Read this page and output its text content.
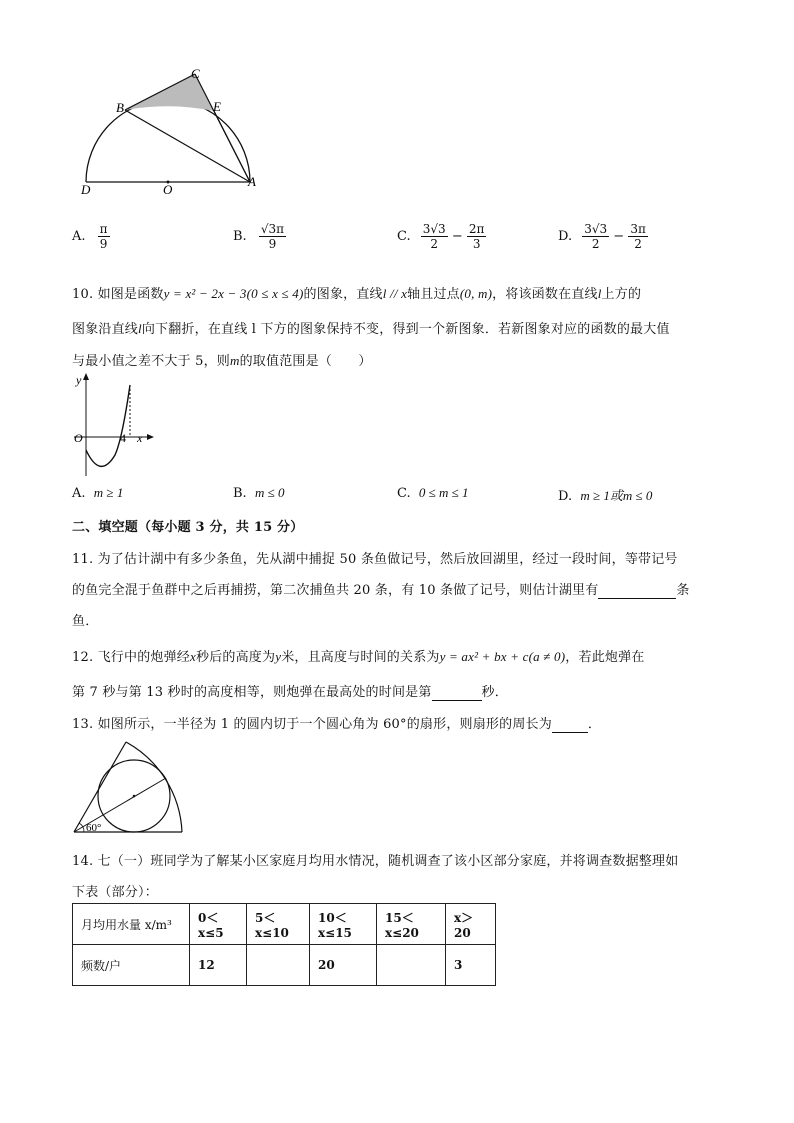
C
B	E
D	O
A
A. $\frac{\pi}{9}$	B. $\frac{√3\pi}{9}$	C. $\frac{3√3}{2} - \frac{2\pi}{3}$	D. $\frac{3√3}{2} - \frac{3\pi}{2}$
10. 如图是函数y = x² − 2x − 3(0 ≤ x ≤ 4)的图象，直线l // x轴且过点(0, m)，将该函数在直线l上方的
图象沿直线l向下翻折，在直线 l 下方的图象保持不变，得到一个新图象．若新图象对应的函数的最大值
与最小值之差不大于 5，则m的取值范围是（　　）
y
x
O	4
A. m ≥ 1	B. m ≤ 0	C. 0 ≤ m ≤ 1	D. m ≥ 1或m ≤ 0
二、填空题（每小题 3 分，共 15 分）
11. 为了估计湖中有多少条鱼，先从湖中捕捉 50 条鱼做记号，然后放回湖里，经过一段时间，等带记号
的鱼完全混于鱼群中之后再捕捞，第二次捕鱼共 20 条，有 10 条做了记号，则估计湖里有	条
鱼．
12. 飞行中的炮弹经x秒后的高度为y米，且高度与时间的关系为y = ax² + bx + c(a ≠ 0)，若此炮弹在
第 7 秒与第 13 秒时的高度相等，则炮弹在最高处的时间是第	秒．
13. 如图所示，一半径为 1 的圆内切于一个圆心角为 60°的扇形，则扇形的周长为	．
60°
14. 七（一）班同学为了解某小区家庭月均用水情况，随机调查了该小区部分家庭，并将调查数据整理如
下表（部分）：
月均用水量 x/m³	0＜x≤5	5＜x≤10	10＜x≤15	15＜x≤20	x＞20
频数/户	12		20		3
